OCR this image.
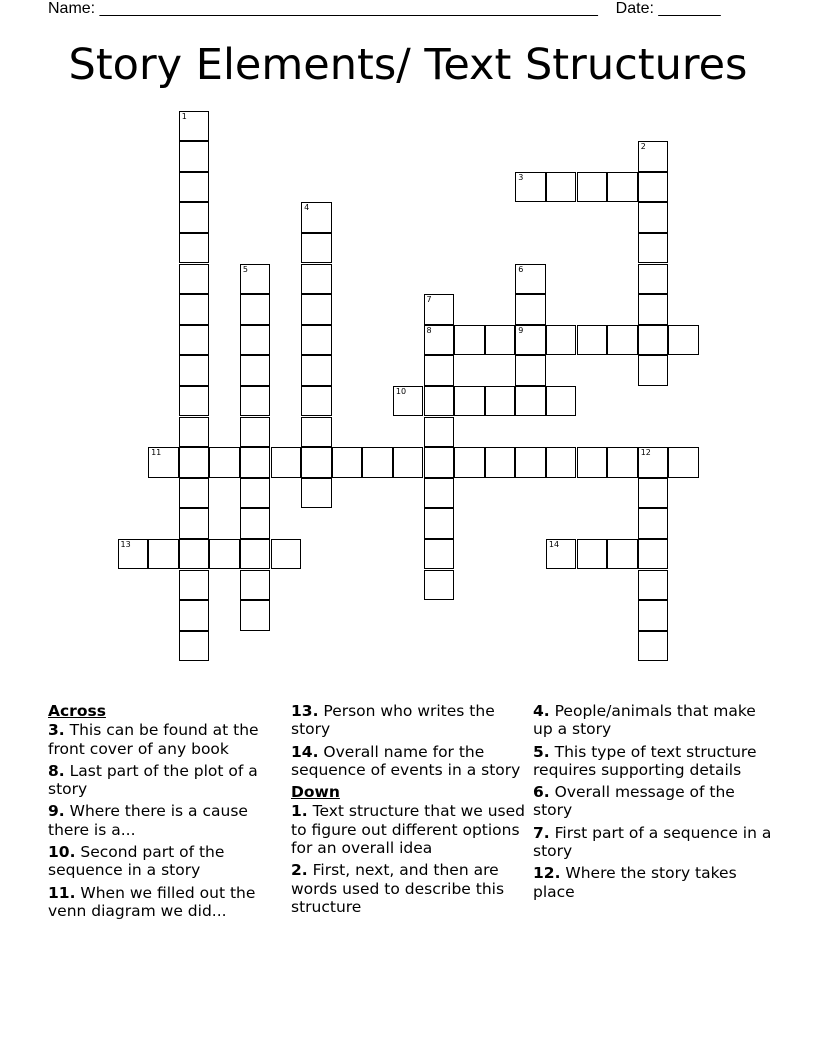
Name: ________________________________________________________ Date: _______
Story Elements/ Text Structures
1
2
3
4
5	6
9
7
8
10
11	12
13	14
Across
3. This can be found at the front cover of any book
8. Last part of the plot of a story
9. Where there is a cause there is a...
10. Second part of the sequence in a story
11. When we filled out the venn diagram we did...
13. Person who writes the story
14. Overall name for the sequence of events in a story
Down
1. Text structure that we used to figure out different options for an overall idea
2. First, next, and then are words used to describe this structure
4. People/animals that make up a story
5. This type of text structure requires supporting details
6. Overall message of the story
7. First part of a sequence in a story
12. Where the story takes place
